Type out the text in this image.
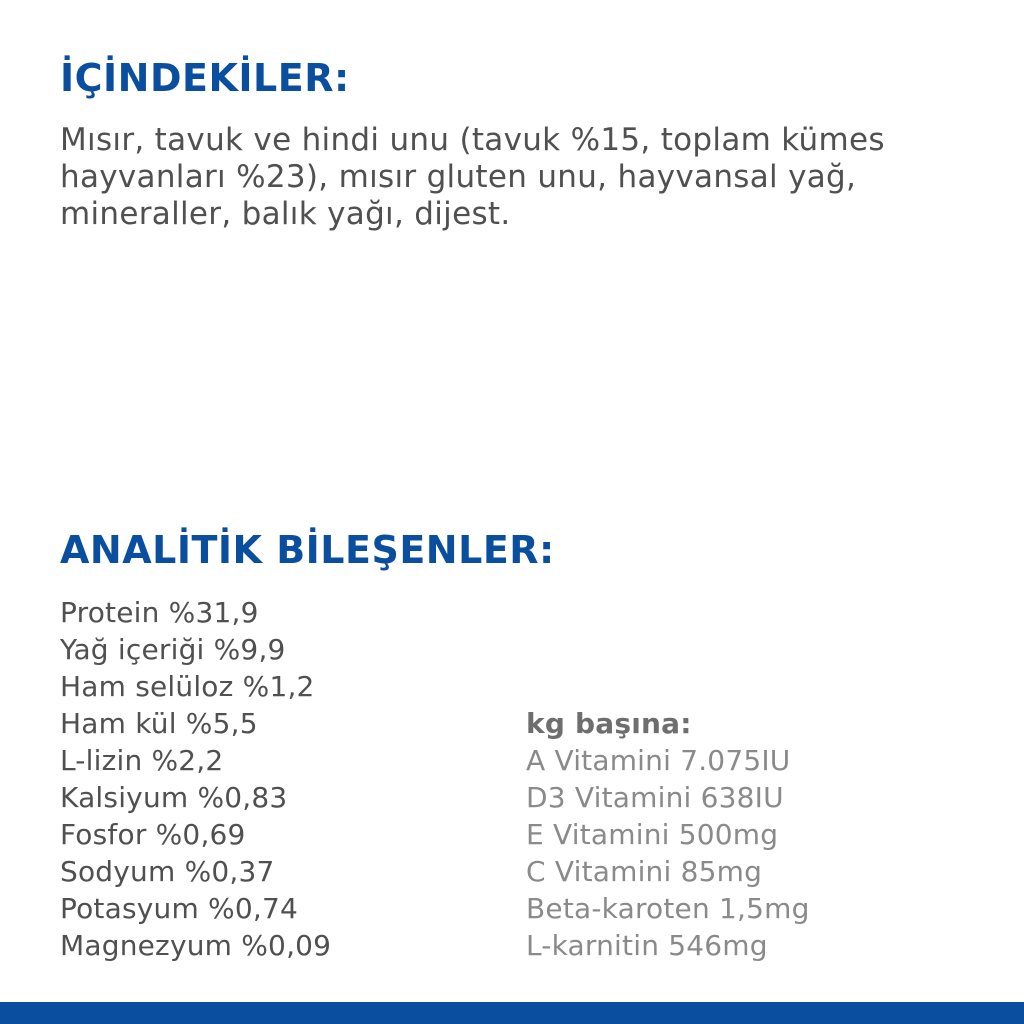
İÇİNDEKİLER:

Mısır, tavuk ve hindi unu (tavuk %15, toplam kümes hayvanları %23), mısır gluten unu, hayvansal yağ, mineraller, balık yağı, dijest.

ANALİTİK BİLEŞENLER:
Protein %31,9
Yağ içeriği %9,9
Ham selüloz %1,2
Ham kül %5,5
L-lizin %2,2
Kalsiyum %0,83
Fosfor %0,69
Sodyum %0,37
Potasyum %0,74
Magnezyum %0,09
kg başına:
A Vitamini 7.075IU
D3 Vitamini 638IU
E Vitamini 500mg
C Vitamini 85mg
Beta-karoten 1,5mg
L-karnitin 546mg
